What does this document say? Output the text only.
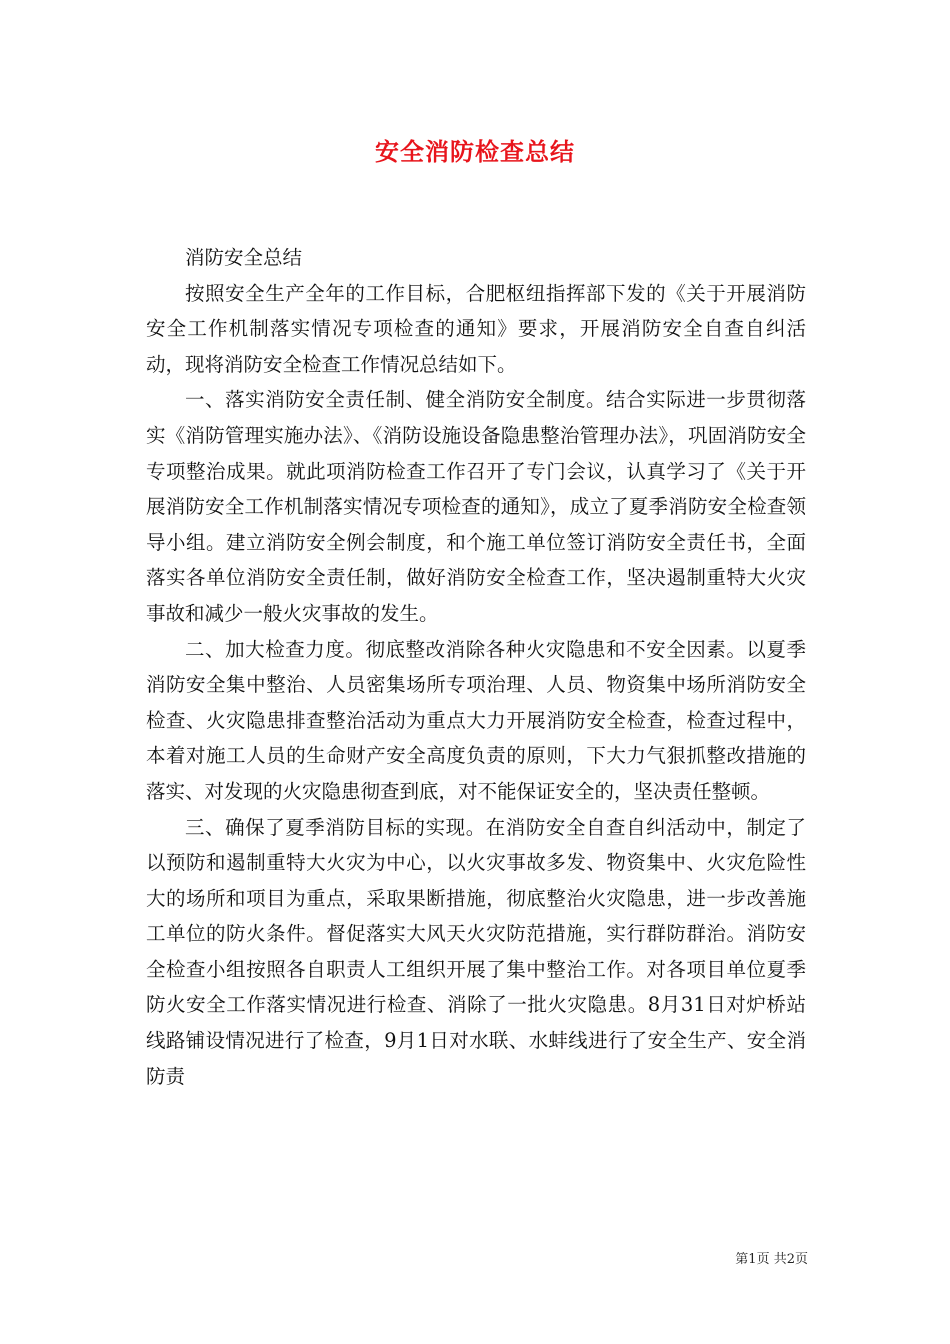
安全消防检查总结

消防安全总结

按照安全生产全年的工作目标，合肥枢纽指挥部下发的《关于开展消防安全工作机制落实情况专项检查的通知》要求，开展消防安全自查自纠活动，现将消防安全检查工作情况总结如下。

一、落实消防安全责任制、健全消防安全制度。结合实际进一步贯彻落实《消防管理实施办法》、《消防设施设备隐患整治管理办法》，巩固消防安全专项整治成果。就此项消防检查工作召开了专门会议，认真学习了《关于开展消防安全工作机制落实情况专项检查的通知》，成立了夏季消防安全检查领导小组。建立消防安全例会制度，和个施工单位签订消防安全责任书，全面落实各单位消防安全责任制，做好消防安全检查工作，坚决遏制重特大火灾事故和减少一般火灾事故的发生。

二、加大检查力度。彻底整改消除各种火灾隐患和不安全因素。以夏季消防安全集中整治、人员密集场所专项治理、人员、物资集中场所消防安全检查、火灾隐患排查整治活动为重点大力开展消防安全检查，检查过程中，本着对施工人员的生命财产安全高度负责的原则，下大力气狠抓整改措施的落实、对发现的火灾隐患彻查到底，对不能保证安全的，坚决责任整顿。

三、确保了夏季消防目标的实现。在消防安全自查自纠活动中，制定了以预防和遏制重特大火灾为中心，以火灾事故多发、物资集中、火灾危险性大的场所和项目为重点，采取果断措施，彻底整治火灾隐患，进一步改善施工单位的防火条件。督促落实大风天火灾防范措施，实行群防群治。消防安全检查小组按照各自职责人工组织开展了集中整治工作。对各项目单位夏季防火安全工作落实情况进行检查、消除了一批火灾隐患。8月31日对炉桥站线路铺设情况进行了检查，9月1日对水联、水蚌线进行了安全生产、安全消防责

第1页 共2页
